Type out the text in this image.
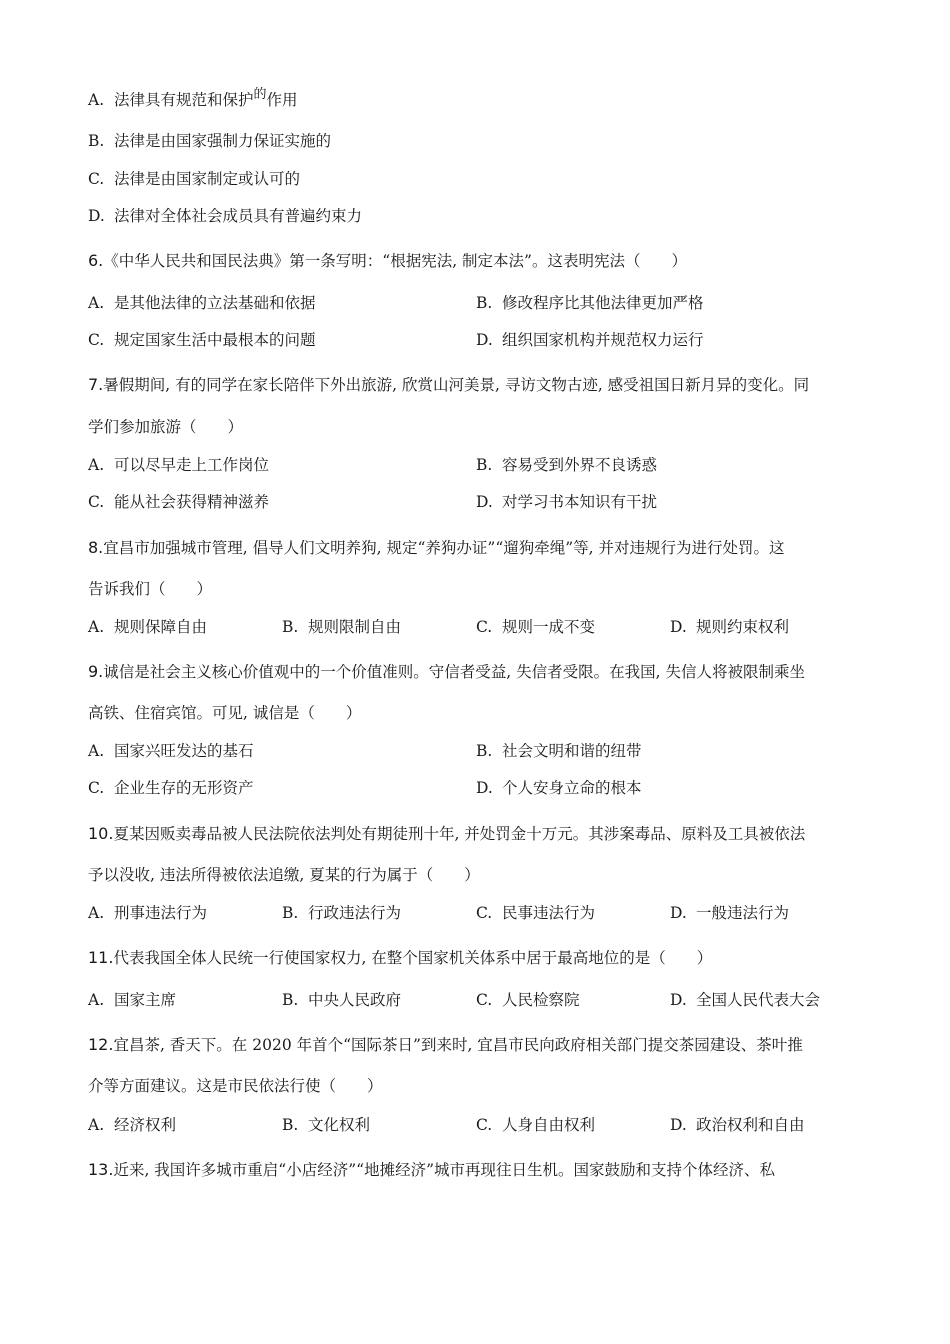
A. 法律具有规范和保护$^的$作用
B. 法律是由国家强制力保证实施的
C. 法律是由国家制定或认可的
D. 法律对全体社会成员具有普遍约束力
6.《中华人民共和国民法典》第一条写明：“根据宪法, 制定本法”。这表明宪法（　　）
A. 是其他法律的立法基础和依据	B. 修改程序比其他法律更加严格
C. 规定国家生活中最根本的问题	D. 组织国家机构并规范权力运行
7.暑假期间, 有的同学在家长陪伴下外出旅游, 欣赏山河美景, 寻访文物古迹, 感受祖国日新月异的变化。同
学们参加旅游（　　）
A. 可以尽早走上工作岗位	B. 容易受到外界不良诱惑
C. 能从社会获得精神滋养	D. 对学习书本知识有干扰
8.宜昌市加强城市管理, 倡导人们文明养狗, 规定“养狗办证”“遛狗牵绳”等, 并对违规行为进行处罚。这
告诉我们（　　）
A. 规则保障自由	B. 规则限制自由	C. 规则一成不变	D. 规则约束权利
9.诚信是社会主义核心价值观中的一个价值准则。守信者受益, 失信者受限。在我国, 失信人将被限制乘坐
高铁、住宿宾馆。可见, 诚信是（　　）
A. 国家兴旺发达的基石	B. 社会文明和谐的纽带
C. 企业生存的无形资产	D. 个人安身立命的根本
10.夏某因贩卖毒品被人民法院依法判处有期徒刑十年, 并处罚金十万元。其涉案毒品、原料及工具被依法
予以没收, 违法所得被依法追缴, 夏某的行为属于（　　）
A. 刑事违法行为	B. 行政违法行为	C. 民事违法行为	D. 一般违法行为
11.代表我国全体人民统一行使国家权力, 在整个国家机关体系中居于最高地位的是（　　）
A. 国家主席	B. 中央人民政府	C. 人民检察院	D. 全国人民代表大会
12.宜昌茶, 香天下。在 2020 年首个“国际茶日”到来时, 宜昌市民向政府相关部门提交茶园建设、茶叶推
介等方面建议。这是市民依法行使（　　）
A. 经济权利	B. 文化权利	C. 人身自由权利	D. 政治权利和自由
13.近来, 我国许多城市重启“小店经济”“地摊经济”城市再现往日生机。国家鼓励和支持个体经济、私
